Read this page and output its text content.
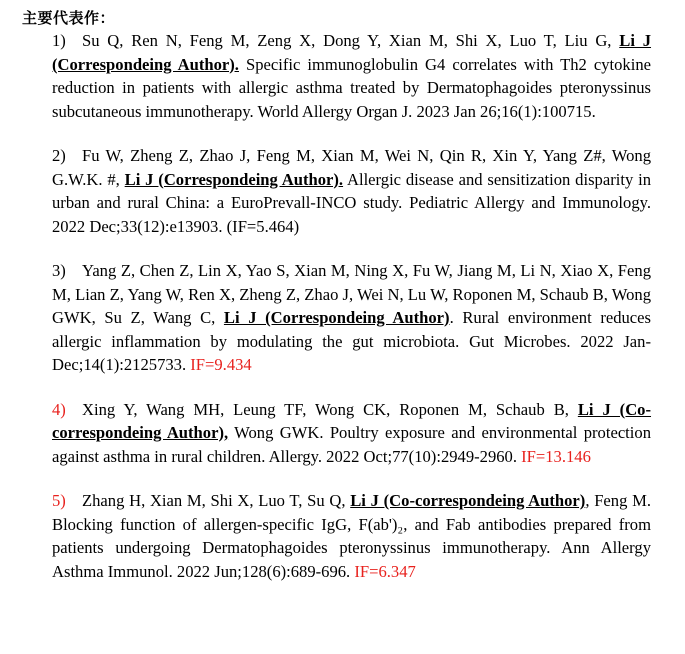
主要代表作：

1) Su Q, Ren N, Feng M, Zeng X, Dong Y, Xian M, Shi X, Luo T, Liu G, Li J (Correspondeing Author). Specific immunoglobulin G4 correlates with Th2 cytokine reduction in patients with allergic asthma treated by Dermatophagoides pteronyssinus subcutaneous immunotherapy. World Allergy Organ J. 2023 Jan 26;16(1):100715.

2) Fu W, Zheng Z, Zhao J, Feng M, Xian M, Wei N, Qin R, Xin Y, Yang Z#, Wong G.W.K. #, Li J (Correspondeing Author). Allergic disease and sensitization disparity in urban and rural China: a EuroPrevall-INCO study. Pediatric Allergy and Immunology. 2022 Dec;33(12):e13903. (IF=5.464)

3) Yang Z, Chen Z, Lin X, Yao S, Xian M, Ning X, Fu W, Jiang M, Li N, Xiao X, Feng M, Lian Z, Yang W, Ren X, Zheng Z, Zhao J, Wei N, Lu W, Roponen M, Schaub B, Wong GWK, Su Z, Wang C, Li J (Correspondeing Author). Rural environment reduces allergic inflammation by modulating the gut microbiota. Gut Microbes. 2022 Jan-Dec;14(1):2125733. IF=9.434

4) Xing Y, Wang MH, Leung TF, Wong CK, Roponen M, Schaub B, Li J (Co-correspondeing Author), Wong GWK. Poultry exposure and environmental protection against asthma in rural children. Allergy. 2022 Oct;77(10):2949-2960. IF=13.146

5) Zhang H, Xian M, Shi X, Luo T, Su Q, Li J (Co-correspondeing Author), Feng M. Blocking function of allergen-specific IgG, F(ab')₂, and Fab antibodies prepared from patients undergoing Dermatophagoides pteronyssinus immunotherapy. Ann Allergy Asthma Immunol. 2022 Jun;128(6):689-696. IF=6.347
